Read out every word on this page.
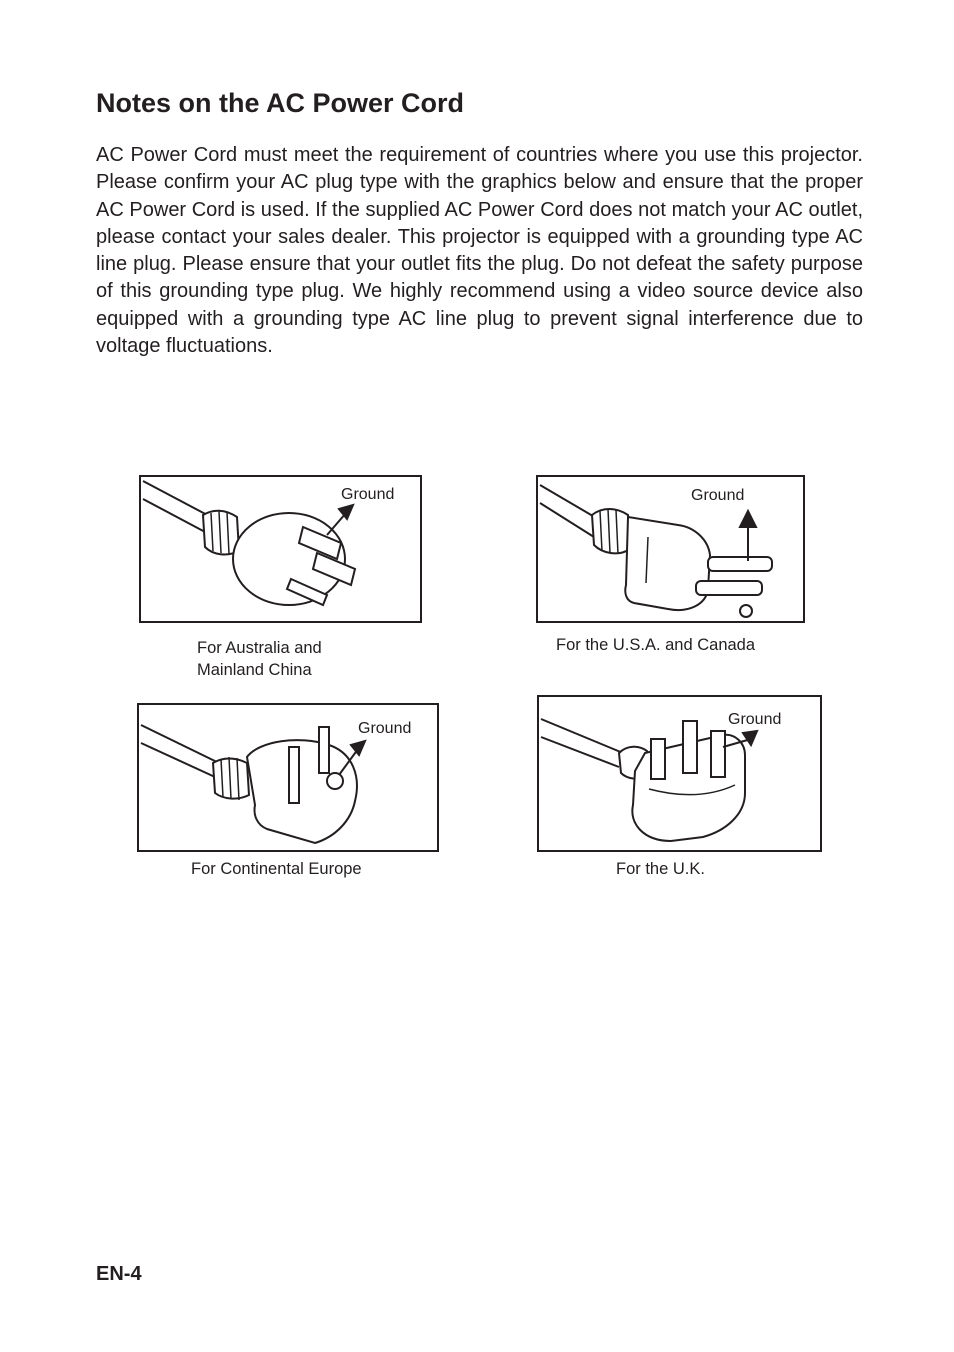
Notes on the AC Power Cord

AC Power Cord must meet the requirement of countries where you use this projector. Please confirm your AC plug type with the graphics below and ensure that the proper AC Power Cord is used. If the supplied AC Power Cord does not match your AC outlet, please contact your sales dealer. This projector is equipped with a grounding type AC line plug. Please ensure that your outlet fits the plug. Do not defeat the safety purpose of this grounding type plug. We highly recommend using a video source device also equipped with a grounding type AC line plug to prevent signal interference due to voltage fluctuations.

Ground
For Australia and
Mainland China
Ground
For the U.S.A. and Canada
Ground
For Continental Europe
Ground
For the U.K.
EN-4
